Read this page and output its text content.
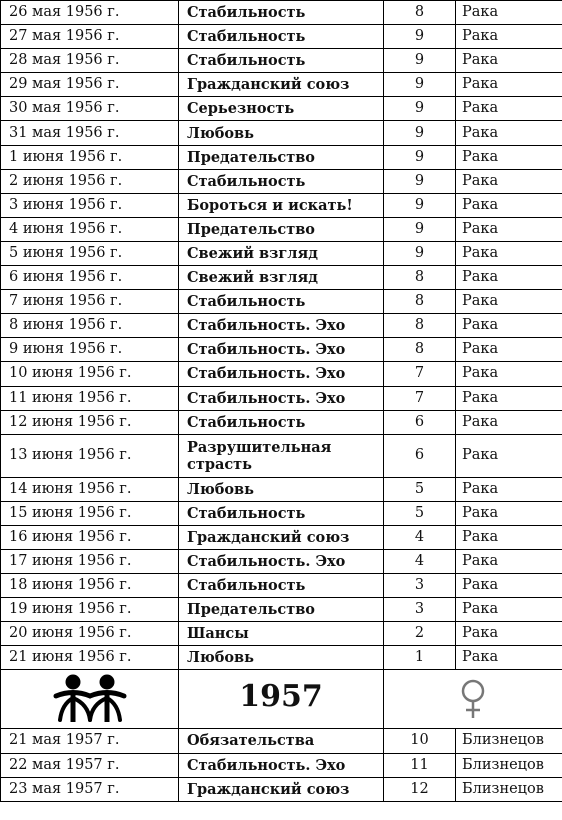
26 мая 1956 г.	Стабильность	8	Рака
27 мая 1956 г.	Стабильность	9	Рака
28 мая 1956 г.	Стабильность	9	Рака
29 мая 1956 г.	Гражданский союз	9	Рака
30 мая 1956 г.	Серьезность	9	Рака
31 мая 1956 г.	Любовь	9	Рака
1 июня 1956 г.	Предательство	9	Рака
2 июня 1956 г.	Стабильность	9	Рака
3 июня 1956 г.	Бороться и искать!	9	Рака
4 июня 1956 г.	Предательство	9	Рака
5 июня 1956 г.	Свежий взгляд	9	Рака
6 июня 1956 г.	Свежий взгляд	8	Рака
7 июня 1956 г.	Стабильность	8	Рака
8 июня 1956 г.	Стабильность. Эхо	8	Рака
9 июня 1956 г.	Стабильность. Эхо	8	Рака
10 июня 1956 г.	Стабильность. Эхо	7	Рака
11 июня 1956 г.	Стабильность. Эхо	7	Рака
12 июня 1956 г.	Стабильность	6	Рака
13 июня 1956 г.	Разрушительная страсть	6	Рака
14 июня 1956 г.	Любовь	5	Рака
15 июня 1956 г.	Стабильность	5	Рака
16 июня 1956 г.	Гражданский союз	4	Рака
17 июня 1956 г.	Стабильность. Эхо	4	Рака
18 июня 1956 г.	Стабильность	3	Рака
19 июня 1956 г.	Предательство	3	Рака
20 июня 1956 г.	Шансы	2	Рака
21 июня 1956 г.	Любовь	1	Рака

	1957	

21 мая 1957 г.	Обязательства	10	Близнецов
22 мая 1957 г.	Стабильность. Эхо	11	Близнецов
23 мая 1957 г.	Гражданский союз	12	Близнецов
